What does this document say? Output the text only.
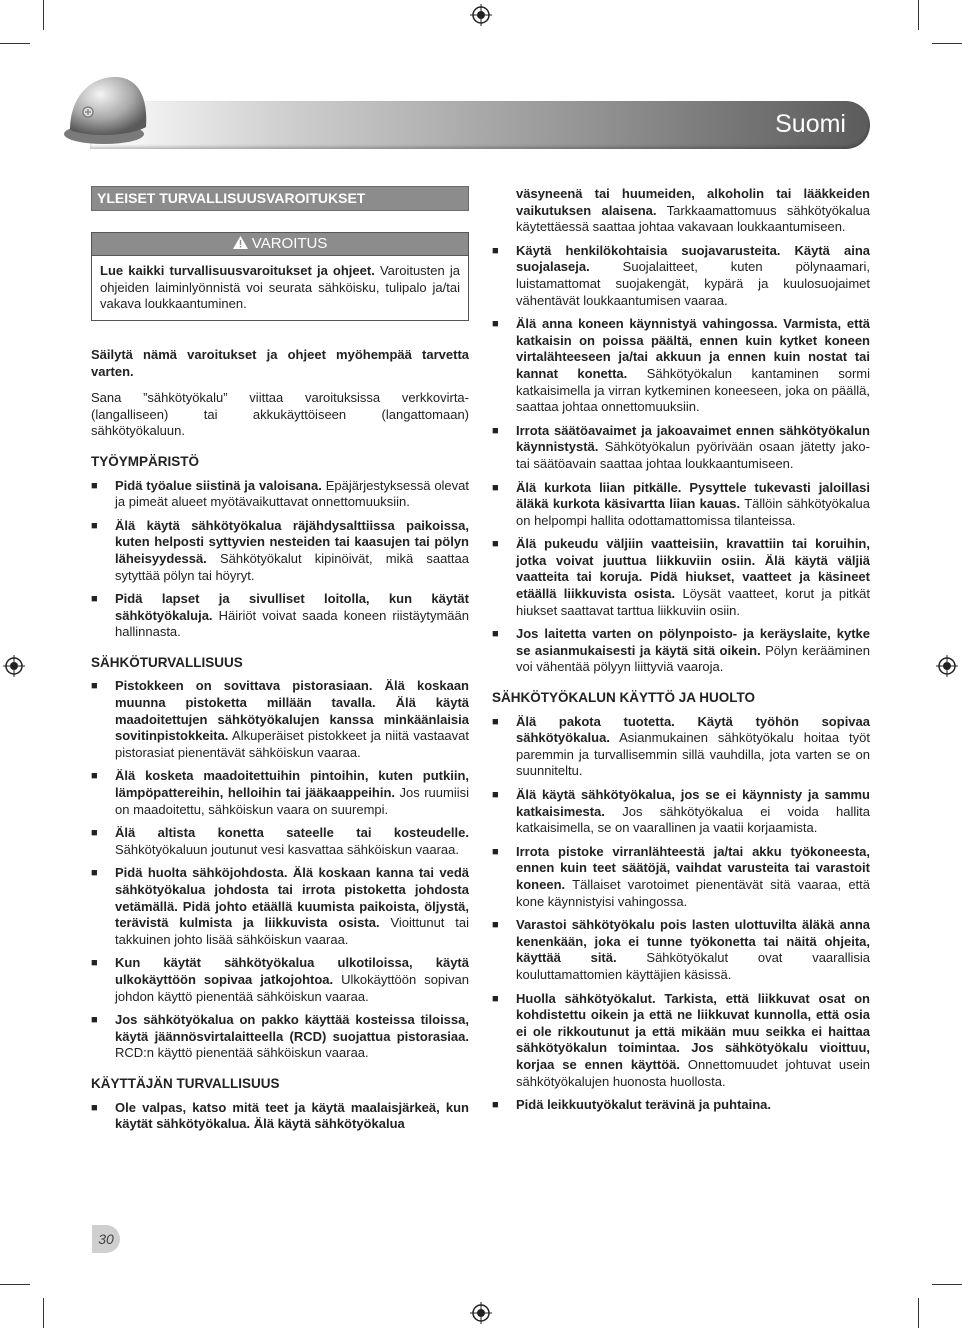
Suomi
YLEISET TURVALLISUUSVAROITUKSET
VAROITUS
Lue kaikki turvallisuusvaroitukset ja ohjeet. Varoitusten ja ohjeiden laiminlyönnistä voi seurata sähköisku, tulipalo ja/tai vakava loukkaantuminen.

Säilytä nämä varoitukset ja ohjeet myöhempää tarvetta varten.

Sana ”sähkötyökalu” viittaa varoituksissa verkkovirta- (langalliseen) tai akkukäyttöiseen (langattomaan) sähkötyökaluun.

TYÖYMPÄRISTÖ
■ Pidä työalue siistinä ja valoisana. Epäjärjestyksessä olevat ja pimeät alueet myötävaikuttavat onnettomuuksiin.
■ Älä käytä sähkötyökalua räjähdysalttiissa paikoissa, kuten helposti syttyvien nesteiden tai kaasujen tai pölyn läheisyydessä. Sähkötyökalut kipinöivät, mikä saattaa sytyttää pölyn tai höyryt.
■ Pidä lapset ja sivulliset loitolla, kun käytät sähkötyökaluja. Häiriöt voivat saada koneen riistäytymään hallinnasta.
SÄHKÖTURVALLISUUS
■ Pistokkeen on sovittava pistorasiaan. Älä koskaan muunna pistoketta millään tavalla. Älä käytä maadoitettujen sähkötyökalujen kanssa minkäänlaisia sovitinpistokkeita. Alkuperäiset pistokkeet ja niitä vastaavat pistorasiat pienentävät sähköiskun vaaraa.
■ Älä kosketa maadoitettuihin pintoihin, kuten putkiin, lämpöpattereihin, helloihin tai jääkaappeihin. Jos ruumiisi on maadoitettu, sähköiskun vaara on suurempi.
■ Älä altista konetta sateelle tai kosteudelle. Sähkötyökaluun joutunut vesi kasvattaa sähköiskun vaaraa.
■ Pidä huolta sähköjohdosta. Älä koskaan kanna tai vedä sähkötyökalua johdosta tai irrota pistoketta johdosta vetämällä. Pidä johto etäällä kuumista paikoista, öljystä, terävistä kulmista ja liikkuvista osista. Vioittunut tai takkuinen johto lisää sähköiskun vaaraa.
■ Kun käytät sähkötyökalua ulkotiloissa, käytä ulkokäyttöön sopivaa jatkojohtoa. Ulkokäyttöön sopivan johdon käyttö pienentää sähköiskun vaaraa.
■ Jos sähkötyökalua on pakko käyttää kosteissa tiloissa, käytä jäännösvirtalaitteella (RCD) suojattua pistorasiaa. RCD:n käyttö pienentää sähköiskun vaaraa.
KÄYTTÄJÄN TURVALLISUUS
■ Ole valpas, katso mitä teet ja käytä maalaisjärkeä, kun käytät sähkötyökalua. Älä käytä sähkötyökalua
väsyneenä tai huumeiden, alkoholin tai lääkkeiden vaikutuksen alaisena. Tarkkaamattomuus sähkötyökalua käytettäessä saattaa johtaa vakavaan loukkaantumiseen.
■ Käytä henkilökohtaisia suojavarusteita. Käytä aina suojalaseja. Suojalaitteet, kuten pölynaamari, luistamattomat suojakengät, kypärä ja kuulosuojaimet vähentävät loukkaantumisen vaaraa.
■ Älä anna koneen käynnistyä vahingossa. Varmista, että katkaisin on poissa päältä, ennen kuin kytket koneen virtalähteeseen ja/tai akkuun ja ennen kuin nostat tai kannat konetta. Sähkötyökalun kantaminen sormi katkaisimella ja virran kytkeminen koneeseen, joka on päällä, saattaa johtaa onnettomuuksiin.
■ Irrota säätöavaimet ja jakoavaimet ennen sähkötyökalun käynnistystä. Sähkötyökalun pyörivään osaan jätetty jako- tai säätöavain saattaa johtaa loukkaantumiseen.
■ Älä kurkota liian pitkälle. Pysyttele tukevasti jaloillasi äläkä kurkota käsivartta liian kauas. Tällöin sähkötyökalua on helpompi hallita odottamattomissa tilanteissa.
■ Älä pukeudu väljiin vaatteisiin, kravattiin tai koruihin, jotka voivat juuttua liikkuviin osiin. Älä käytä väljiä vaatteita tai koruja. Pidä hiukset, vaatteet ja käsineet etäällä liikkuvista osista. Löysät vaatteet, korut ja pitkät hiukset saattavat tarttua liikkuviin osiin.
■ Jos laitetta varten on pölynpoisto- ja keräyslaite, kytke se asianmukaisesti ja käytä sitä oikein. Pölyn kerääminen voi vähentää pölyyn liittyviä vaaroja.
SÄHKÖTYÖKALUN KÄYTTÖ JA HUOLTO
■ Älä pakota tuotetta. Käytä työhön sopivaa sähkötyökalua. Asianmukainen sähkötyökalu hoitaa työt paremmin ja turvallisemmin sillä vauhdilla, jota varten se on suunniteltu.
■ Älä käytä sähkötyökalua, jos se ei käynnisty ja sammu katkaisimesta. Jos sähkötyökalua ei voida hallita katkaisimella, se on vaarallinen ja vaatii korjaamista.
■ Irrota pistoke virranlähteestä ja/tai akku työkoneesta, ennen kuin teet säätöjä, vaihdat varusteita tai varastoit koneen. Tällaiset varotoimet pienentävät sitä vaaraa, että kone käynnistyisi vahingossa.
■ Varastoi sähkötyökalu pois lasten ulottuvilta äläkä anna kenenkään, joka ei tunne työkonetta tai näitä ohjeita, käyttää sitä. Sähkötyökalut ovat vaarallisia kouluttamattomien käyttäjien käsissä.
■ Huolla sähkötyökalut. Tarkista, että liikkuvat osat on kohdistettu oikein ja että ne liikkuvat kunnolla, että osia ei ole rikkoutunut ja että mikään muu seikka ei haittaa sähkötyökalun toimintaa. Jos sähkötyökalu vioittuu, korjaa se ennen käyttöä. Onnettomuudet johtuvat usein sähkötyökalujen huonosta huollosta.
■ Pidä leikkuutyökalut terävinä ja puhtaina.
30
